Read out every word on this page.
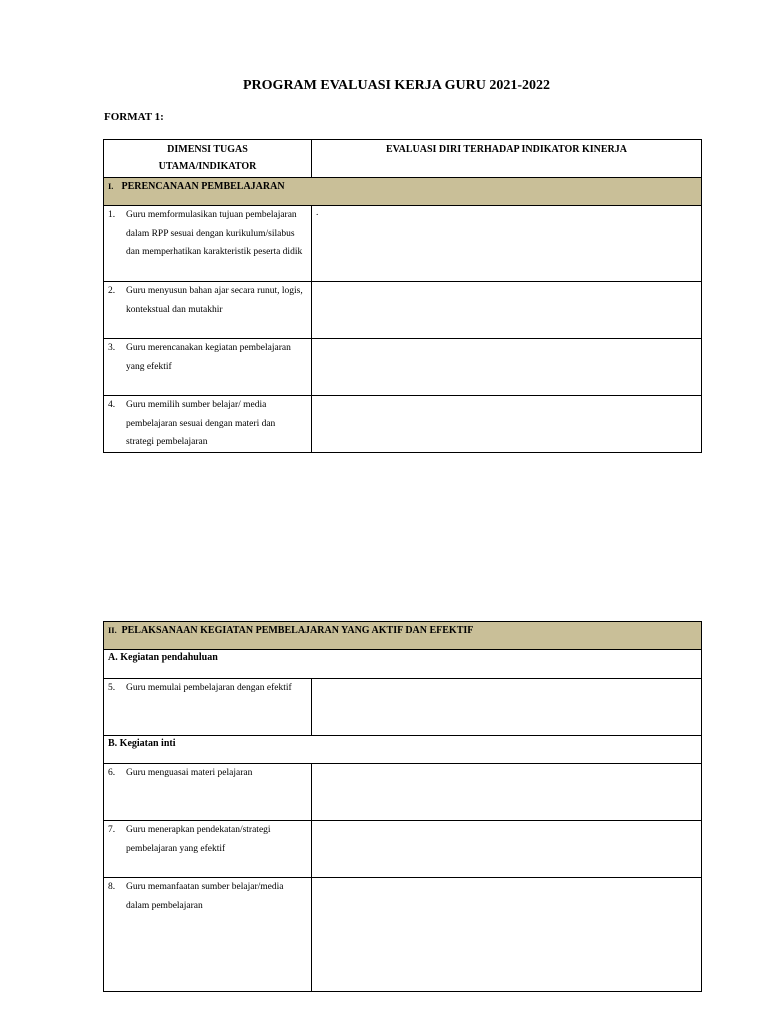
PROGRAM EVALUASI KERJA GURU 2021-2022
FORMAT 1:
DIMENSI TUGAS UTAMA/INDIKATOR	EVALUASI DIRI TERHADAP INDIKATOR KINERJA
I. PERENCANAAN PEMBELAJARAN	

1. Guru memformulasikan tujuan pembelajaran dalam RPP sesuai dengan kurikulum/silabus dan memperhatikan karakteristik peserta didik	.

2. Guru menyusun bahan ajar secara runut, logis, kontekstual dan mutakhir	

3. Guru merencanakan kegiatan pembelajaran yang efektif	

4. Guru memilih sumber belajar/ media pembelajaran sesuai dengan materi dan strategi pembelajaran	

II. PELAKSANAAN KEGIATAN PEMBELAJARAN YANG AKTIF DAN EFEKTIF	
A. Kegiatan pendahuluan	

5. Guru memulai pembelajaran dengan efektif	

B. Kegiatan inti	

6. Guru menguasai materi pelajaran	

7. Guru menerapkan pendekatan/strategi pembelajaran yang efektif	

8. Guru memanfaatan sumber belajar/media dalam pembelajaran	
